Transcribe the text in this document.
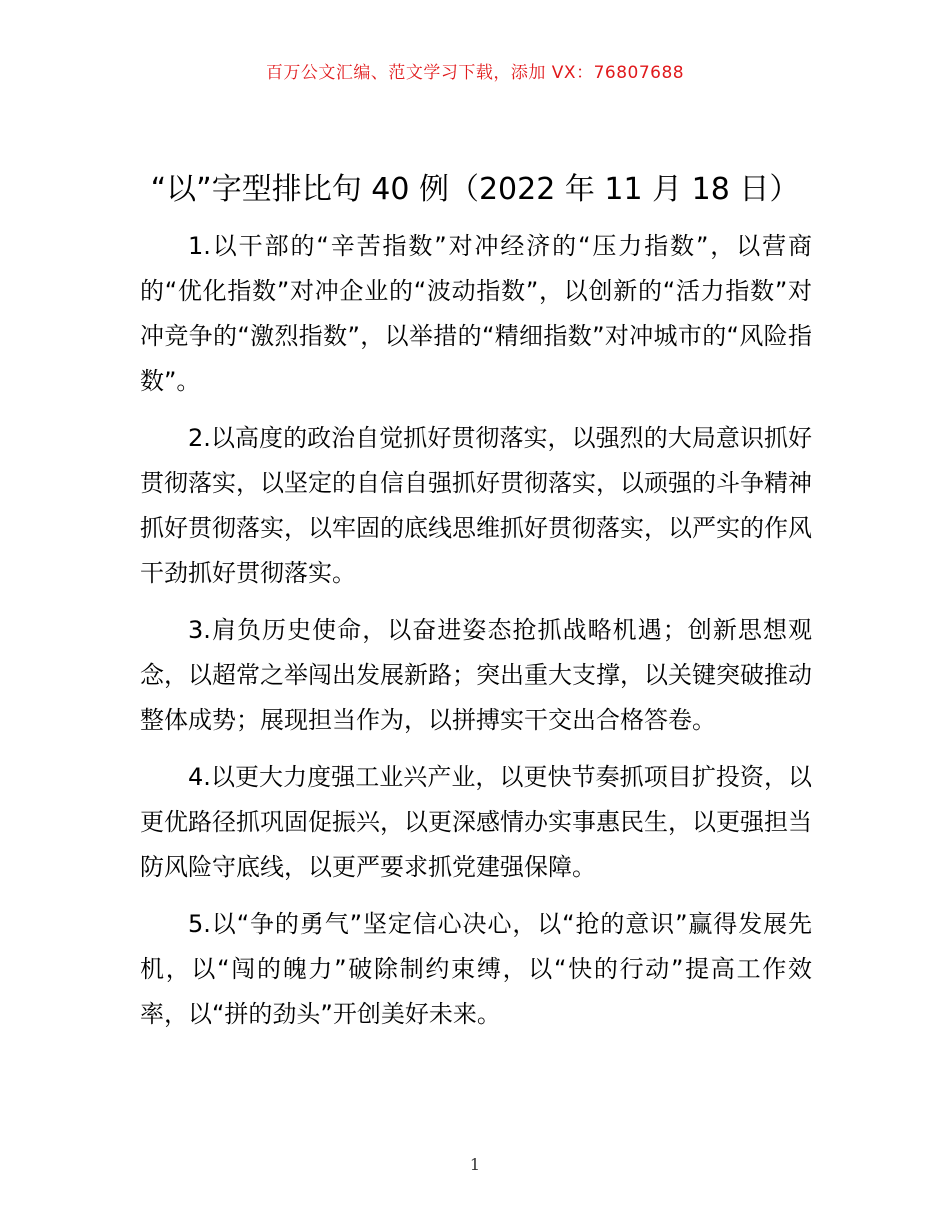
百万公文汇编、范文学习下载，添加 VX：76807688
“以”字型排比句 40 例（2022 年 11 月 18 日）

1.以干部的“辛苦指数”对冲经济的“压力指数”，以营商的“优化指数”对冲企业的“波动指数”，以创新的“活力指数”对冲竞争的“激烈指数”，以举措的“精细指数”对冲城市的“风险指数”。

2.以高度的政治自觉抓好贯彻落实，以强烈的大局意识抓好贯彻落实，以坚定的自信自强抓好贯彻落实，以顽强的斗争精神抓好贯彻落实，以牢固的底线思维抓好贯彻落实，以严实的作风干劲抓好贯彻落实。

3.肩负历史使命，以奋进姿态抢抓战略机遇；创新思想观念，以超常之举闯出发展新路；突出重大支撑，以关键突破推动整体成势；展现担当作为，以拼搏实干交出合格答卷。

4.以更大力度强工业兴产业，以更快节奏抓项目扩投资，以更优路径抓巩固促振兴，以更深感情办实事惠民生，以更强担当防风险守底线，以更严要求抓党建强保障。

5.以“争的勇气”坚定信心决心，以“抢的意识”赢得发展先机，以“闯的魄力”破除制约束缚，以“快的行动”提高工作效率，以“拼的劲头”开创美好未来。

1
